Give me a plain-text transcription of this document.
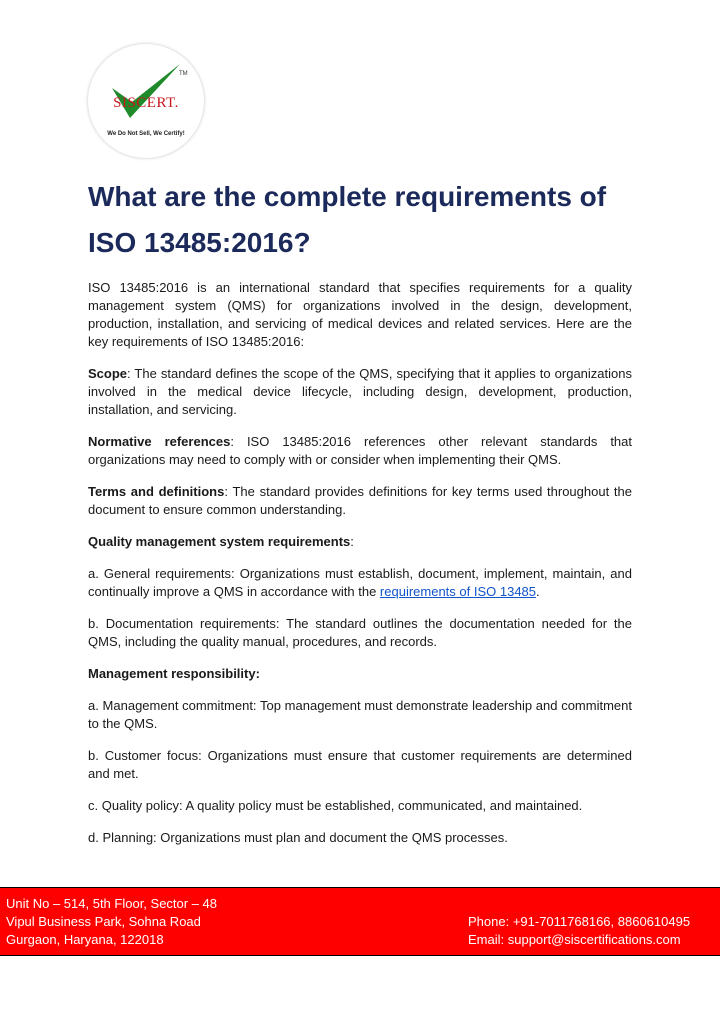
TM
SISCERT.
We Do Not Sell, We Certify!
What are the complete requirements of ISO 13485:2016?

ISO 13485:2016 is an international standard that specifies requirements for a quality management system (QMS) for organizations involved in the design, development, production, installation, and servicing of medical devices and related services. Here are the key requirements of ISO 13485:2016:

Scope: The standard defines the scope of the QMS, specifying that it applies to organizations involved in the medical device lifecycle, including design, development, production, installation, and servicing.

Normative references: ISO 13485:2016 references other relevant standards that organizations may need to comply with or consider when implementing their QMS.

Terms and definitions: The standard provides definitions for key terms used throughout the document to ensure common understanding.

Quality management system requirements:

a. General requirements: Organizations must establish, document, implement, maintain, and continually improve a QMS in accordance with the requirements of ISO 13485.

b. Documentation requirements: The standard outlines the documentation needed for the QMS, including the quality manual, procedures, and records.

Management responsibility:

a. Management commitment: Top management must demonstrate leadership and commitment to the QMS.

b. Customer focus: Organizations must ensure that customer requirements are determined and met.

c. Quality policy: A quality policy must be established, communicated, and maintained.

d. Planning: Organizations must plan and document the QMS processes.

Unit No – 514, 5th Floor, Sector – 48
Vipul Business Park, Sohna Road
Gurgaon, Haryana, 122018
Phone: +91-7011768166, 8860610495
Email: support@siscertifications.com
